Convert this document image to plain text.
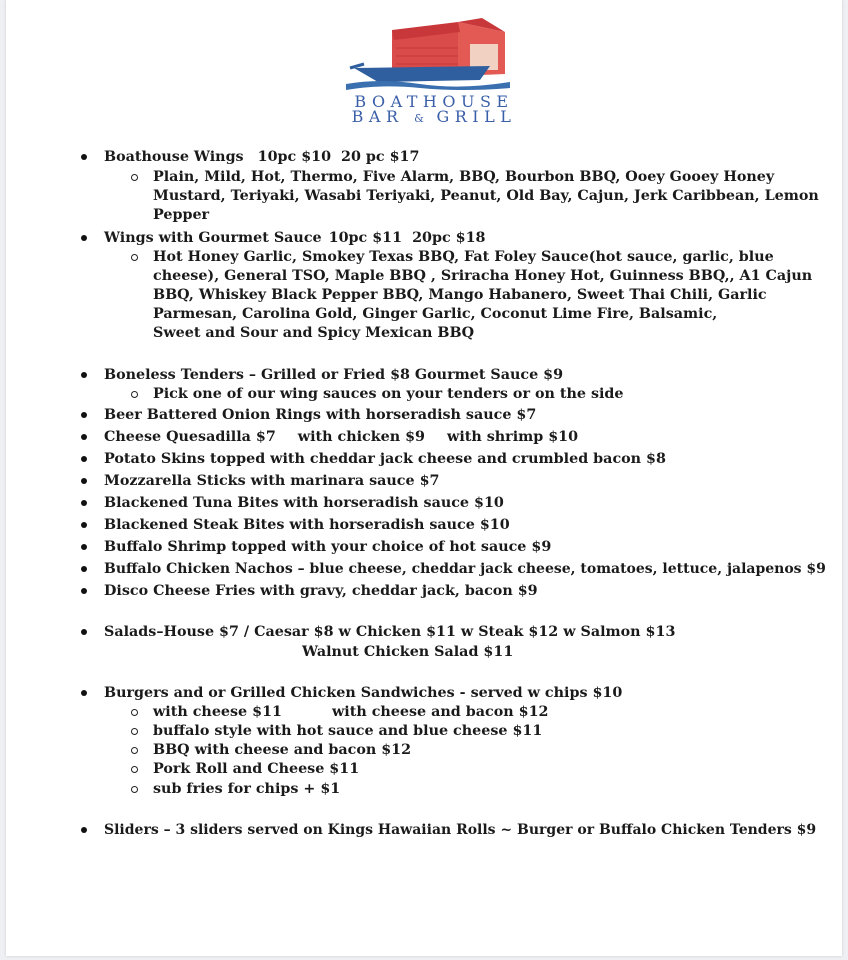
BOATHOUSE
BAR & GRILL
Boathouse Wings 10pc $10 20 pc $17
Plain, Mild, Hot, Thermo, Five Alarm, BBQ, Bourbon BBQ, Ooey Gooey Honey
Mustard, Teriyaki, Wasabi Teriyaki, Peanut, Old Bay, Cajun, Jerk Caribbean, Lemon
Pepper
Wings with Gourmet Sauce 10pc $11 20pc $18
Hot Honey Garlic, Smokey Texas BBQ, Fat Foley Sauce(hot sauce, garlic, blue
cheese), General TSO, Maple BBQ , Sriracha Honey Hot, Guinness BBQ,, A1 Cajun
BBQ, Whiskey Black Pepper BBQ, Mango Habanero, Sweet Thai Chili, Garlic
Parmesan, Carolina Gold, Ginger Garlic, Coconut Lime Fire, Balsamic,
Sweet and Sour and Spicy Mexican BBQ
Boneless Tenders – Grilled or Fried $8 Gourmet Sauce $9
Pick one of our wing sauces on your tenders or on the side
Beer Battered Onion Rings with horseradish sauce $7
Cheese Quesadilla $7 with chicken $9 with shrimp $10
Potato Skins topped with cheddar jack cheese and crumbled bacon $8
Mozzarella Sticks with marinara sauce $7
Blackened Tuna Bites with horseradish sauce $10
Blackened Steak Bites with horseradish sauce $10
Buffalo Shrimp topped with your choice of hot sauce $9
Buffalo Chicken Nachos – blue cheese, cheddar jack cheese, tomatoes, lettuce, jalapenos $9
Disco Cheese Fries with gravy, cheddar jack, bacon $9
Salads–House $7 / Caesar $8 w Chicken $11 w Steak $12 w Salmon $13
Walnut Chicken Salad $11
Burgers and or Grilled Chicken Sandwiches - served w chips $10
with cheese $11	with cheese and bacon $12
buffalo style with hot sauce and blue cheese $11
BBQ with cheese and bacon $12
Pork Roll and Cheese $11
sub fries for chips + $1
Sliders – 3 sliders served on Kings Hawaiian Rolls ~ Burger or Buffalo Chicken Tenders $9
